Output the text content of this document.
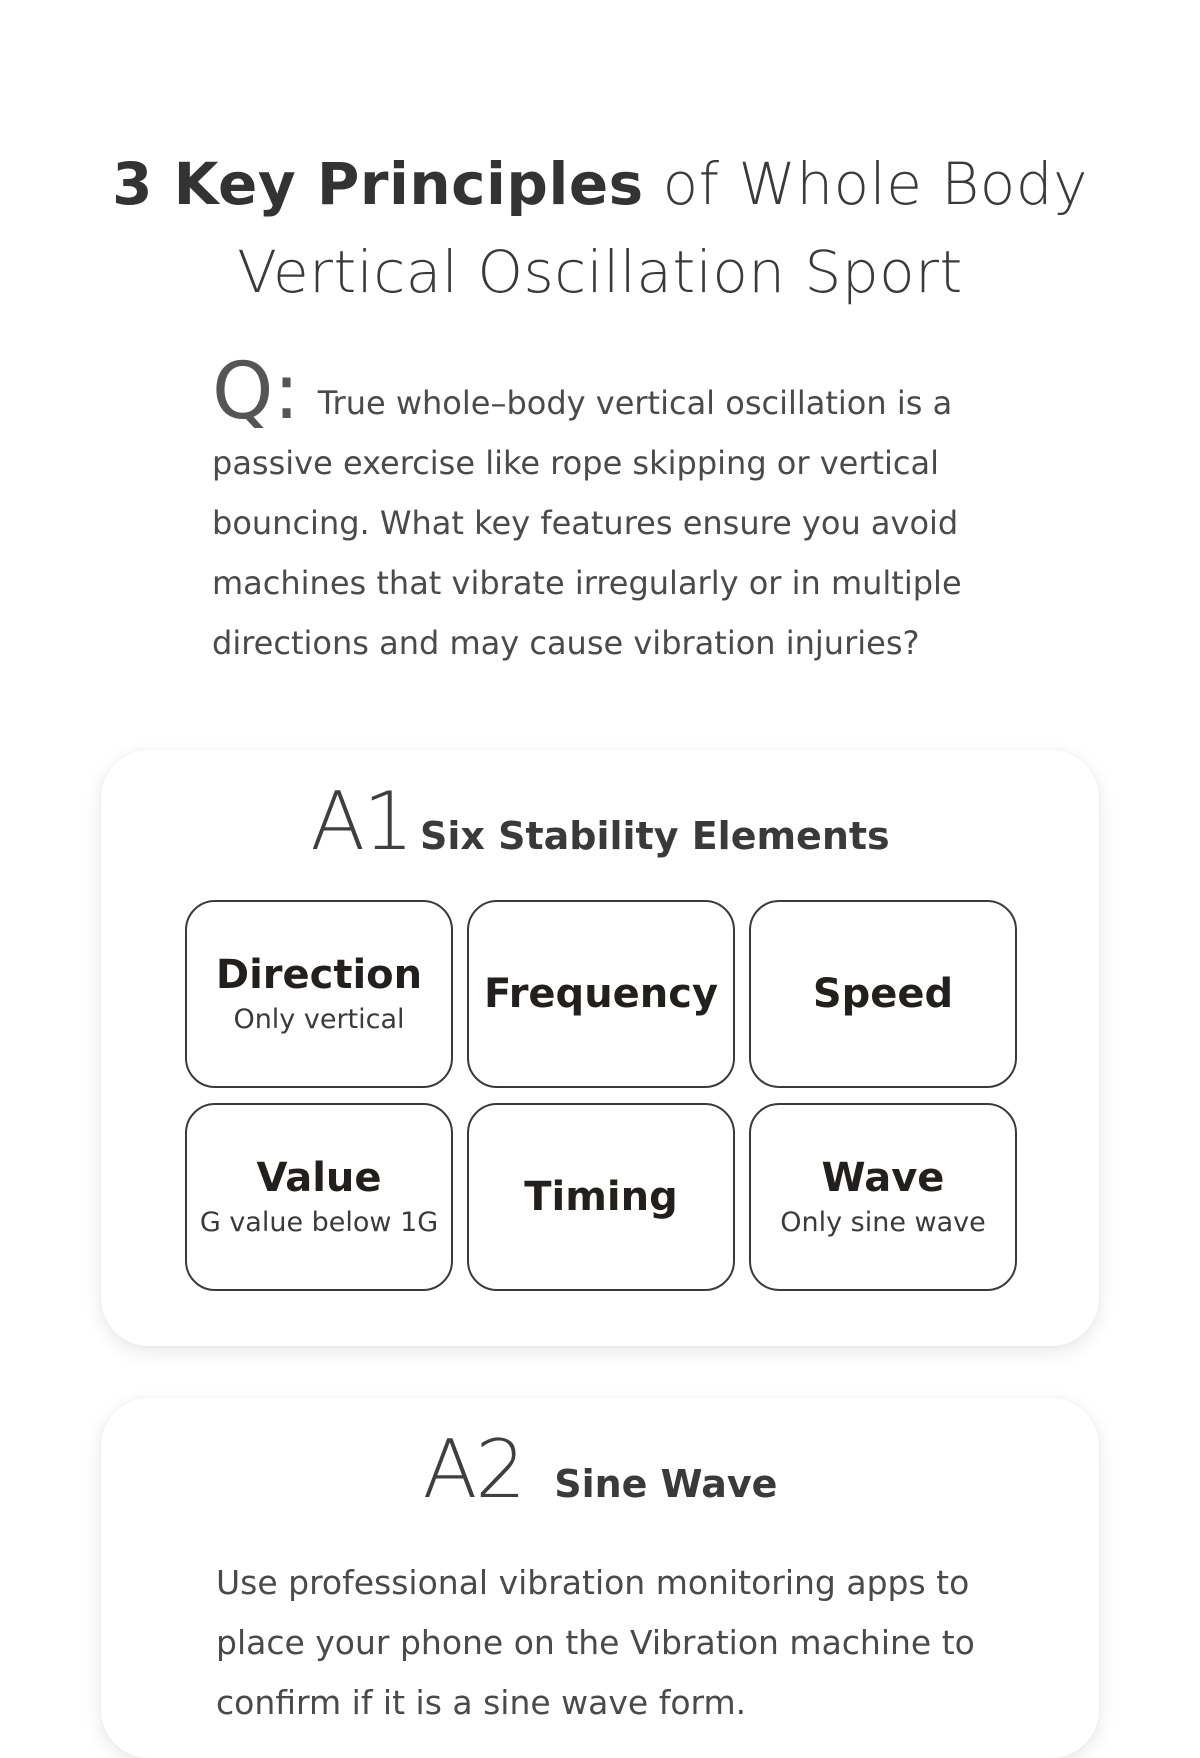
3 Key Principles of Whole Body Vertical Oscillation Sport
Q: True whole–body vertical oscillation is a passive exercise like rope skipping or vertical bouncing. What key features ensure you avoid machines that vibrate irregularly or in multiple directions and may cause vibration injuries?
A1 Six Stability Elements
Direction
Only vertical
Frequency Speed
Value
G value below 1G
Timing	Wave
Only sine wave
A2 Sine Wave
Use professional vibration monitoring apps to place your phone on the Vibration machine to confirm if it is a sine wave form.
